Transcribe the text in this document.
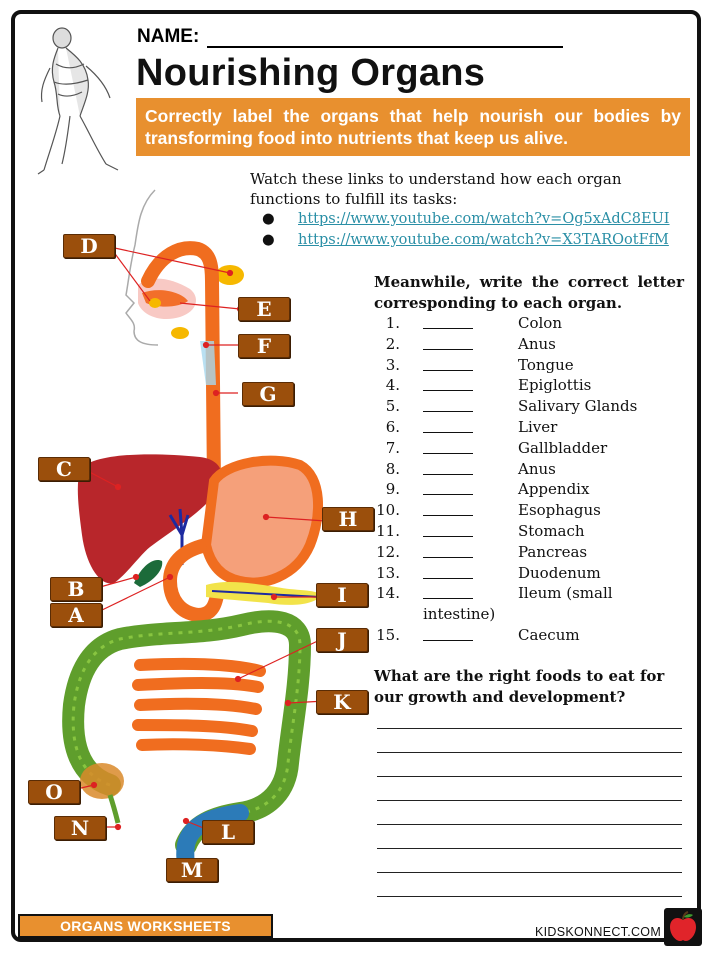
NAME:
Nourishing Organs
Correctly label the organs that help nourish our bodies by transforming food into nutrients that keep us alive.
D
E
F
G
C
H
B	I
A
J
K
O
N	L
M
Watch these links to understand how each organ functions to fulfill its tasks:
●	https://www.youtube.com/watch?v=Og5xAdC8EUI
●	https://www.youtube.com/watch?v=X3TAROotFfM
Meanwhile, write the correct letter corresponding to each organ.
1.	Colon
2.	Anus
3.	Tongue
4.	Epiglottis
5.	Salivary Glands
6.	Liver
7.	Gallbladder
8.	Anus
9.	Appendix
10.	Esophagus
11.	Stomach
12.	Pancreas
13.	Duodenum
14.	Ileum (small
intestine)
15.	Caecum
What are the right foods to eat for our growth and development?
ORGANS WORKSHEETS	KIDSKONNECT.COM
